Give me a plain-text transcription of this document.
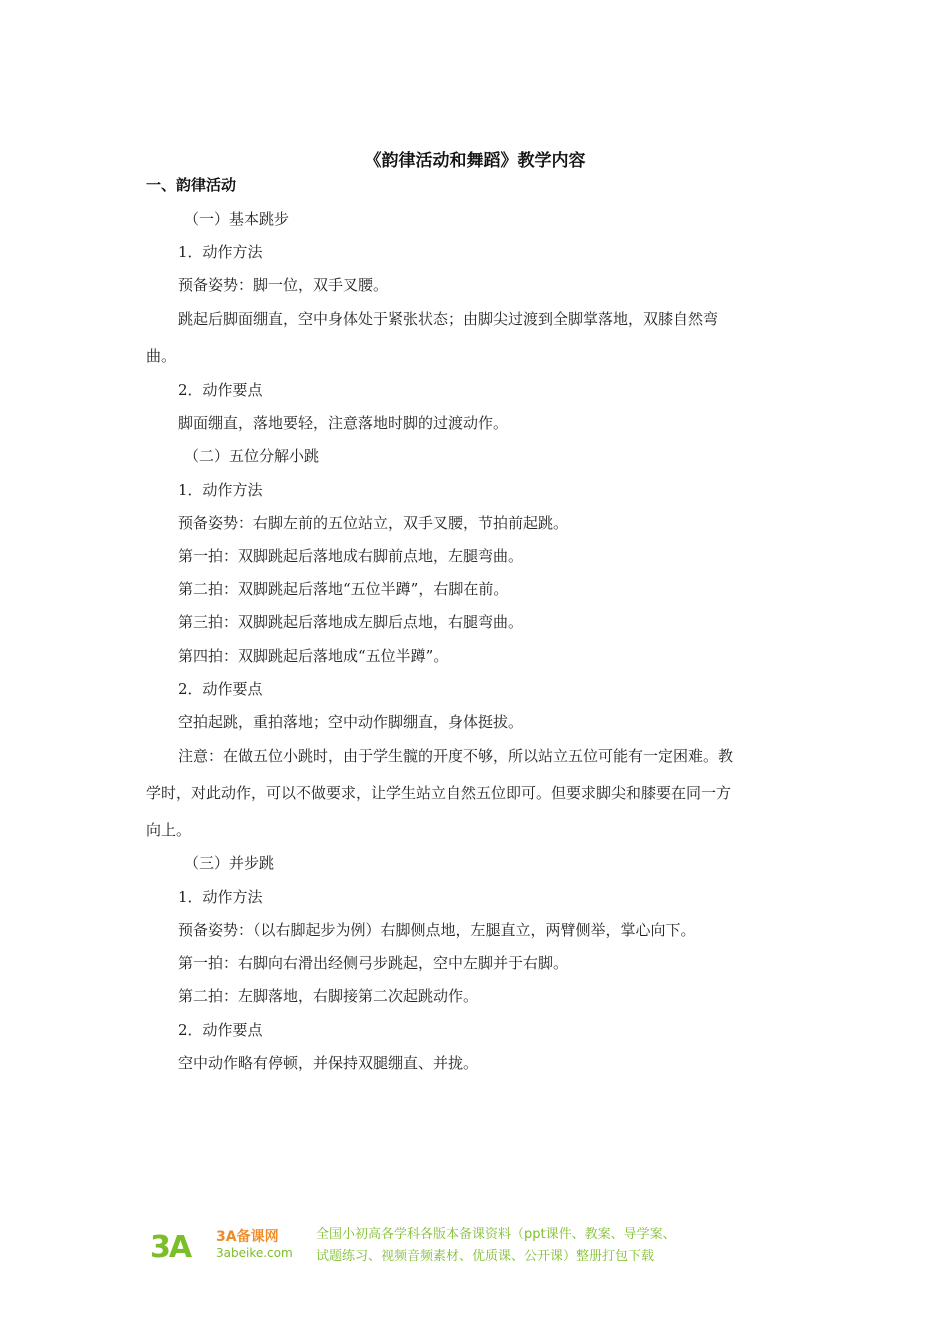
《韵律活动和舞蹈》教学内容
一、韵律活动
（一）基本跳步
1．动作方法
预备姿势：脚一位，双手叉腰。
跳起后脚面绷直，空中身体处于紧张状态；由脚尖过渡到全脚掌落地，双膝自然弯
曲。
2．动作要点
脚面绷直，落地要轻，注意落地时脚的过渡动作。
（二）五位分解小跳
1．动作方法
预备姿势：右脚左前的五位站立，双手叉腰，节拍前起跳。
第一拍：双脚跳起后落地成右脚前点地，左腿弯曲。
第二拍：双脚跳起后落地“五位半蹲”，右脚在前。
第三拍：双脚跳起后落地成左脚后点地，右腿弯曲。
第四拍：双脚跳起后落地成“五位半蹲”。
2．动作要点
空拍起跳，重拍落地；空中动作脚绷直，身体挺拔。
注意：在做五位小跳时，由于学生髋的开度不够，所以站立五位可能有一定困难。教
学时，对此动作，可以不做要求，让学生站立自然五位即可。但要求脚尖和膝要在同一方
向上。
（三）并步跳
1．动作方法
预备姿势：（以右脚起步为例）右脚侧点地，左腿直立，两臂侧举，掌心向下。
第一拍：右脚向右滑出经侧弓步跳起，空中左脚并于右脚。
第二拍：左脚落地，右脚接第二次起跳动作。
2．动作要点
空中动作略有停顿，并保持双腿绷直、并拢。
3A 3A备课网
3abeike.com
全国小初高各学科各版本备课资料（ppt课件、教案、导学案、
试题练习、视频音频素材、优质课、公开课）整册打包下载
